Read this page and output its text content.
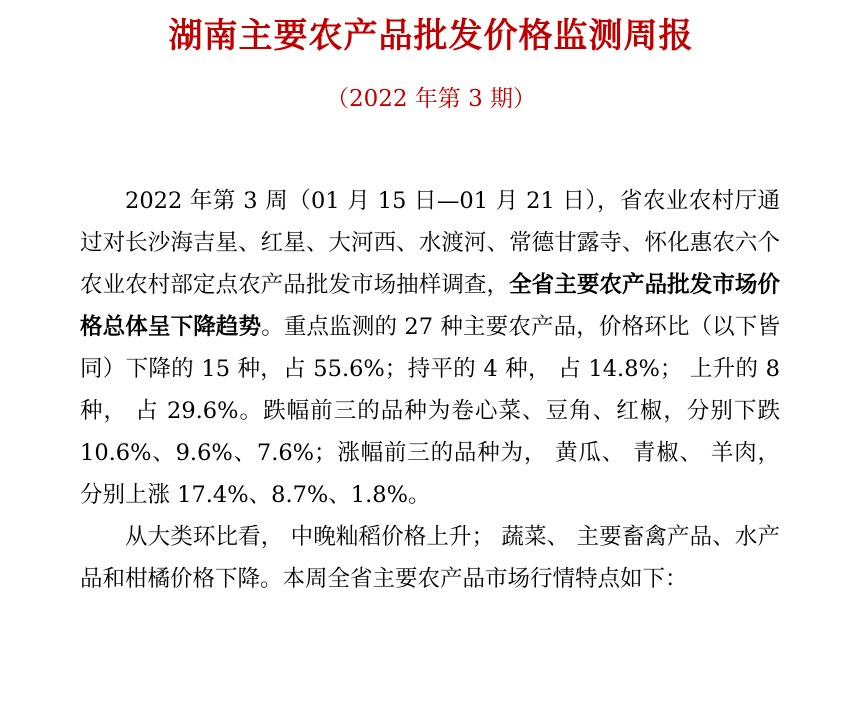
湖南主要农产品批发价格监测周报
（2022 年第 3 期）

2022 年第 3 周（01 月 15 日—01 月 21 日），省农业农村厅通过对长沙海吉星、红星、大河西、水渡河、常德甘露寺、怀化惠农六个农业农村部定点农产品批发市场抽样调查，全省主要农产品批发市场价格总体呈下降趋势。重点监测的 27 种主要农产品，价格环比（以下皆同）下降的 15 种，占 55.6%；持平的 4 种， 占 14.8%； 上升的 8 种， 占 29.6%。跌幅前三的品种为卷心菜、豆角、红椒，分别下跌 10.6%、9.6%、7.6%；涨幅前三的品种为， 黄瓜、 青椒、 羊肉， 分别上涨 17.4%、8.7%、1.8%。

从大类环比看， 中晚籼稻价格上升； 蔬菜、 主要畜禽产品、水产品和柑橘价格下降。本周全省主要农产品市场行情特点如下：
